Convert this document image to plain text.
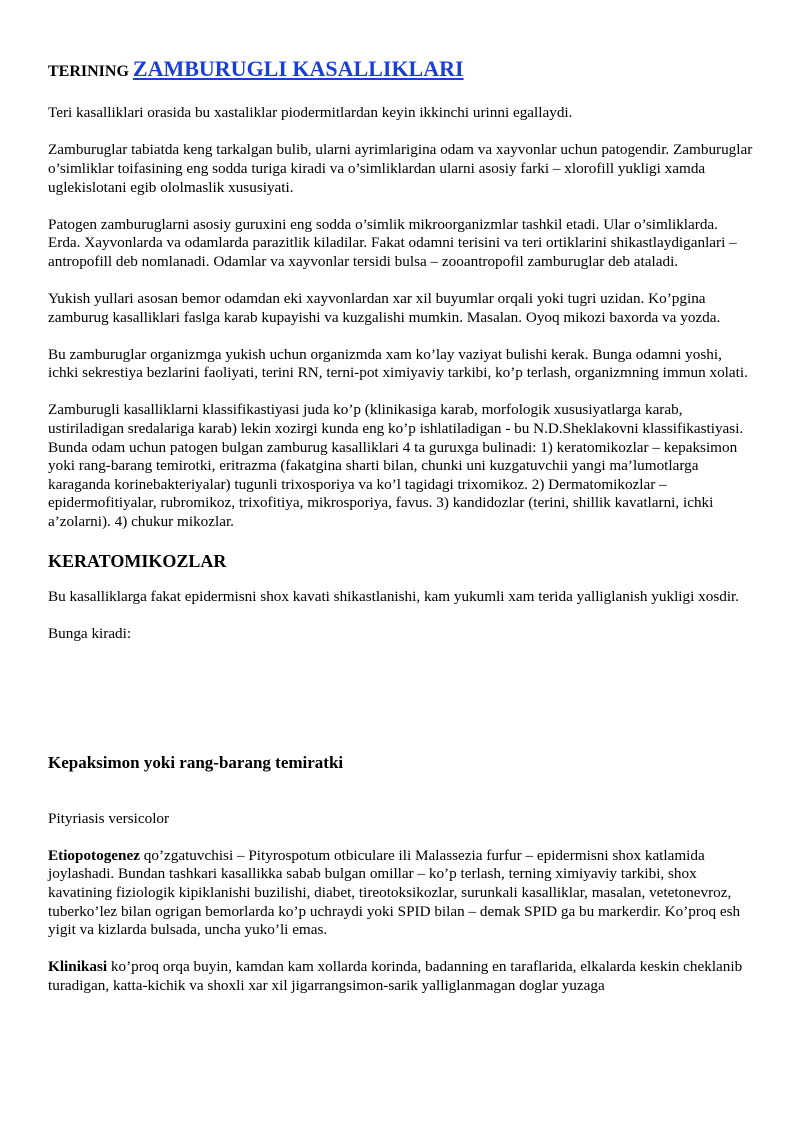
TERINING ZAMBURUGLI KASALLIKLARI

Teri kasalliklari orasida bu xastaliklar piodermitlardan keyin ikkinchi urinni egallaydi.

Zamburuglar tabiatda keng tarkalgan bulib, ularni ayrimlarigina odam va xayvonlar uchun patogendir. Zamburuglar o’simliklar toifasining eng sodda turiga kiradi va o’simliklardan ularni asosiy farki – xlorofill yukligi xamda uglekislotani egib ololmaslik xususiyati.

Patogen zamburuglarni asosiy guruxini eng sodda o’simlik mikroorganizmlar tashkil etadi. Ular o’simliklarda. Erda. Xayvonlarda va odamlarda parazitlik kiladilar. Fakat odamni terisini va teri ortiklarini shikastlaydiganlari – antropofill deb nomlanadi. Odamlar va xayvonlar tersidi bulsa – zooantropofil zamburuglar deb ataladi.

Yukish yullari asosan bemor odamdan eki xayvonlardan xar xil buyumlar orqali yoki tugri uzidan. Ko’pgina zamburug kasalliklari faslga karab kupayishi va kuzgalishi mumkin. Masalan. Oyoq mikozi baxorda va yozda.

Bu zamburuglar organizmga yukish uchun organizmda xam ko’lay vaziyat bulishi kerak. Bunga odamni yoshi, ichki sekrestiya bezlarini faoliyati, terini RN, terni-pot ximiyaviy tarkibi, ko’p terlash, organizmning immun xolati.

Zamburugli kasalliklarni klassifikastiyasi juda ko’p (klinikasiga karab, morfologik xususiyatlarga karab, ustiriladigan sredalariga karab) lekin xozirgi kunda eng ko’p ishlatiladigan - bu N.D.Sheklakovni klassifikastiyasi. Bunda odam uchun patogen bulgan zamburug kasalliklari 4 ta guruxga bulinadi: 1) keratomikozlar – kepaksimon yoki rang-barang temirotki, eritrazma (fakatgina sharti bilan, chunki uni kuzgatuvchii yangi ma’lumotlarga karaganda korinebakteriyalar) tugunli trixosporiya va ko’l tagidagi trixomikoz. 2) Dermatomikozlar – epidermofitiyalar, rubromikoz, trixofitiya, mikrosporiya, favus. 3) kandidozlar (terini, shillik kavatlarni, ichki a’zolarni). 4) chukur mikozlar.

KERATOMIKOZLAR

Bu kasalliklarga fakat epidermisni shox kavati shikastlanishi, kam yukumli xam terida yalliglanish yukligi xosdir.

Bunga kiradi:

Kepaksimon yoki rang-barang temiratki

Pityriasis versicolor

Etiopotogenez qo’zgatuvchisi – Pityrospotum otbiculare ili Malassezia furfur – epidermisni shox katlamida joylashadi. Bundan tashkari kasallikka sabab bulgan omillar – ko’p terlash, terning ximiyaviy tarkibi, shox kavatining fiziologik kipiklanishi buzilishi, diabet, tireotoksikozlar, surunkali kasalliklar, masalan, vetetonevroz, tuberko’lez bilan ogrigan bemorlarda ko’p uchraydi yoki SPID bilan – demak SPID ga bu markerdir. Ko’proq esh yigit va kizlarda bulsada, uncha yuko’li emas.

Klinikasi ko’proq orqa buyin, kamdan kam xollarda korinda, badanning en taraflarida, elkalarda keskin cheklanib turadigan, katta-kichik va shoxli xar xil jigarrangsimon-sarik yalliglanmagan doglar yuzaga
